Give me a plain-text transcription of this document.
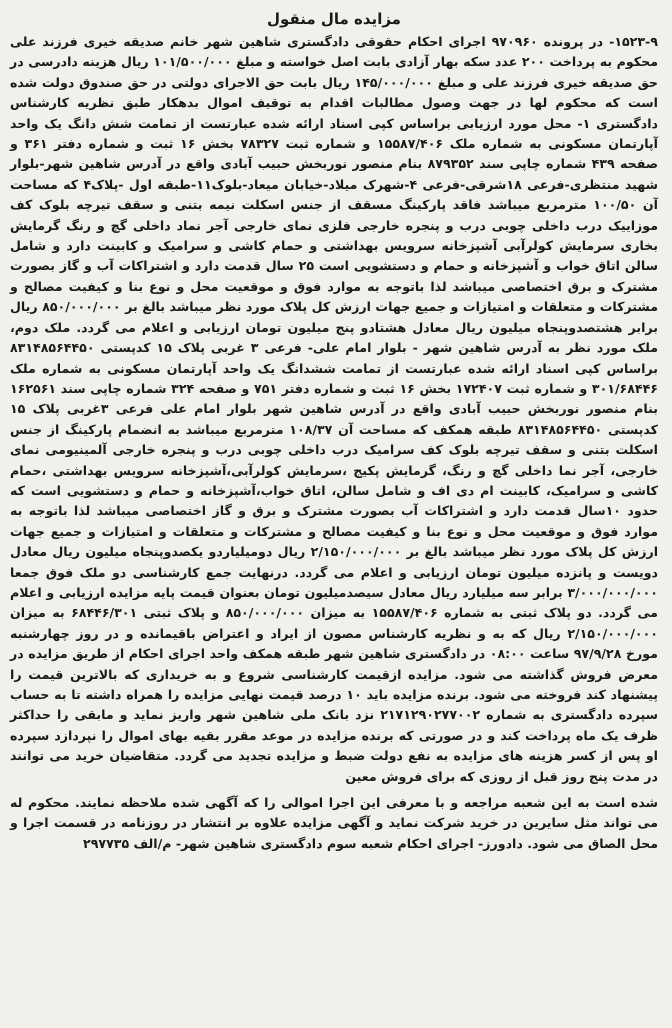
مزایده مال منقول

۱۵۲۳-۹- در پرونده ۹۷۰۹۶۰ اجرای احکام حقوقی دادگستری شاهین شهر خانم صدیقه خیری فرزند علی محکوم به پرداخت ۲۰۰ عدد سکه بهار آزادی بابت اصل خواسته و مبلغ ۱۰۱/۵۰۰/۰۰۰ ریال هزینه دادرسی در حق صدیقه خیری فرزند علی و مبلغ ۱۴۵/۰۰۰/۰۰۰ ریال بابت حق الاجرای دولتی در حق صندوق دولت شده است که محکوم لها در جهت وصول مطالبات اقدام به توقیف اموال بدهکار طبق نظریه کارشناس دادگستری ۱- محل مورد ارزیابی براساس کپی اسناد ارائه شده عبارتست از تمامت شش دانگ یک واحد آپارتمان مسکونی به شماره ملک ۱۵۵۸۷/۴۰۶ و شماره ثبت ۷۸۳۲۷ بخش ۱۶ ثبت و شماره دفتر ۳۶۱ و صفحه ۴۳۹ شماره چاپی سند ۸۷۹۳۵۲ بنام منصور نوربخش حبیب آبادی واقع در آدرس شاهین شهر-بلوار شهید منتظری-فرعی ۱۸شرقی-فرعی ۴-شهرک میلاد-خیابان میعاد-بلوک۱۱-طبقه اول -پلاک۴ که مساحت آن ۱۰۰/۵۰ مترمربع میباشد فاقد پارکینگ مسقف از جنس اسکلت نیمه بتنی و سقف تیرچه بلوک کف موزاییک درب داخلی چوبی درب و پنجره خارجی فلزی نمای خارجی آجر نماد داخلی گچ و رنگ گرمایش بخاری سرمایش کولرآبی آشپزخانه سرویس بهداشتی و حمام کاشی و سرامیک و کابینت دارد و شامل سالن اتاق خواب و آشپزخانه و حمام و دستشویی است ۲۵ سال قدمت دارد و اشتراکات آب و گاز بصورت مشترک و برق اختصاصی میباشد لذا باتوجه به موارد فوق و موقعیت محل و نوع بنا و کیفیت مصالح و مشترکات و متعلقات و امتیازات و جمیع جهات ارزش کل پلاک مورد نظر میباشد بالغ بر ۸۵۰/۰۰۰/۰۰۰ ریال برابر هشتصدوپنجاه میلیون ریال معادل هشتادو پنج میلیون تومان ارزیابی و اعلام می گردد. ملک دوم، ملک مورد نظر به آدرس شاهین شهر - بلوار امام علی- فرعی ۳ غربی پلاک ۱۵ کدپستی ۸۳۱۴۸۵۶۴۴۵۰ براساس کپی اسناد ارائه شده عبارتست از تمامت ششدانگ یک واحد آپارتمان مسکونی به شماره ملک ۳۰۱/۶۸۴۴۶ و شماره ثبت ۱۷۲۴۰۷ بخش ۱۶ ثبت و شماره دفتر ۷۵۱ و صفحه ۳۲۴ شماره چاپی سند ۱۶۲۵۶۱ بنام منصور نوربخش حبیب آبادی واقع در آدرس شاهین شهر بلوار امام علی فرعی ۳غربی پلاک ۱۵ کدپستی ۸۳۱۴۸۵۶۴۴۵۰ طبقه همکف که مساحت آن ۱۰۸/۳۷ مترمربع میباشد به انضمام پارکینگ از جنس اسکلت بتنی و سقف تیرچه بلوک کف سرامیک درب داخلی چوبی درب و پنجره خارجی آلمینیومی نمای خارجی، آجر نما داخلی گچ و رنگ، گرمایش پکیج ،سرمایش کولرآبی،آشپزخانه سرویس بهداشتی ،حمام کاشی و سرامیک، کابینت ام دی اف و شامل سالن، اتاق خواب،آشپزخانه و حمام و دستشویی است که حدود ۱۰سال قدمت دارد و اشتراکات آب بصورت مشترک و برق و گاز اختصاصی میباشد لذا باتوجه به موارد فوق و موقعیت محل و نوع بنا و کیفیت مصالح و مشترکات و متعلقات و امتیازات و جمیع جهات ارزش کل پلاک مورد نظر میباشد بالغ بر ۲/۱۵۰/۰۰۰/۰۰۰ ریال دومیلیاردو یکصدوپنجاه میلیون ریال معادل دویست و پانزده میلیون تومان ارزیابی و اعلام می گردد. درنهایت جمع کارشناسی دو ملک فوق جمعا ۳/۰۰۰/۰۰۰/۰۰۰ برابر سه میلیارد ریال معادل سیصدمیلیون تومان بعنوان قیمت پایه مزایده ارزیابی و اعلام می گردد. دو پلاک ثبتی به شماره ۱۵۵۸۷/۴۰۶ به میزان ۸۵۰/۰۰۰/۰۰۰ و پلاک ثبتی ۶۸۴۴۶/۳۰۱ به میزان ۲/۱۵۰/۰۰۰/۰۰۰ ریال که به و نظریه کارشناس مصون از ایراد و اعتراض باقیمانده و در روز چهارشنبه مورخ ۹۷/۹/۲۸ ساعت ۰۸:۰۰ در دادگستری شاهین شهر طبقه همکف واحد اجرای احکام از طریق مزایده در معرض فروش گذاشته می شود. مزایده ازقیمت کارشناسی شروع و به خریداری که بالاترین قیمت را پیشنهاد کند فروخته می شود. برنده مزایده باید ۱۰ درصد قیمت نهایی مزایده را همراه داشته تا به حساب سپرده دادگستری به شماره ۲۱۷۱۲۹۰۲۷۷۰۰۲ نزد بانک ملی شاهین شهر واریز نماید و مابقی را حداکثر ظرف یک ماه پرداخت کند و در صورتی که برنده مزایده در موعد مقرر بقیه بهای اموال را نپردازد سپرده او پس از کسر هزینه های مزایده به نفع دولت ضبط و مزایده تجدید می گردد. متقاضیان خرید می توانند در مدت پنج روز قبل از روزی که برای فروش معین

شده است به این شعبه مراجعه و با معرفی این اجرا اموالی را که آگهی شده ملاحظه نمایند. محکوم له می تواند مثل سایرین در خرید شرکت نماید و آگهی مزایده علاوه بر انتشار در روزنامه در قسمت اجرا و محل الصاق می شود. دادورز- اجرای احکام شعبه سوم دادگستری شاهین شهر- م/الف ۲۹۷۷۳۵
